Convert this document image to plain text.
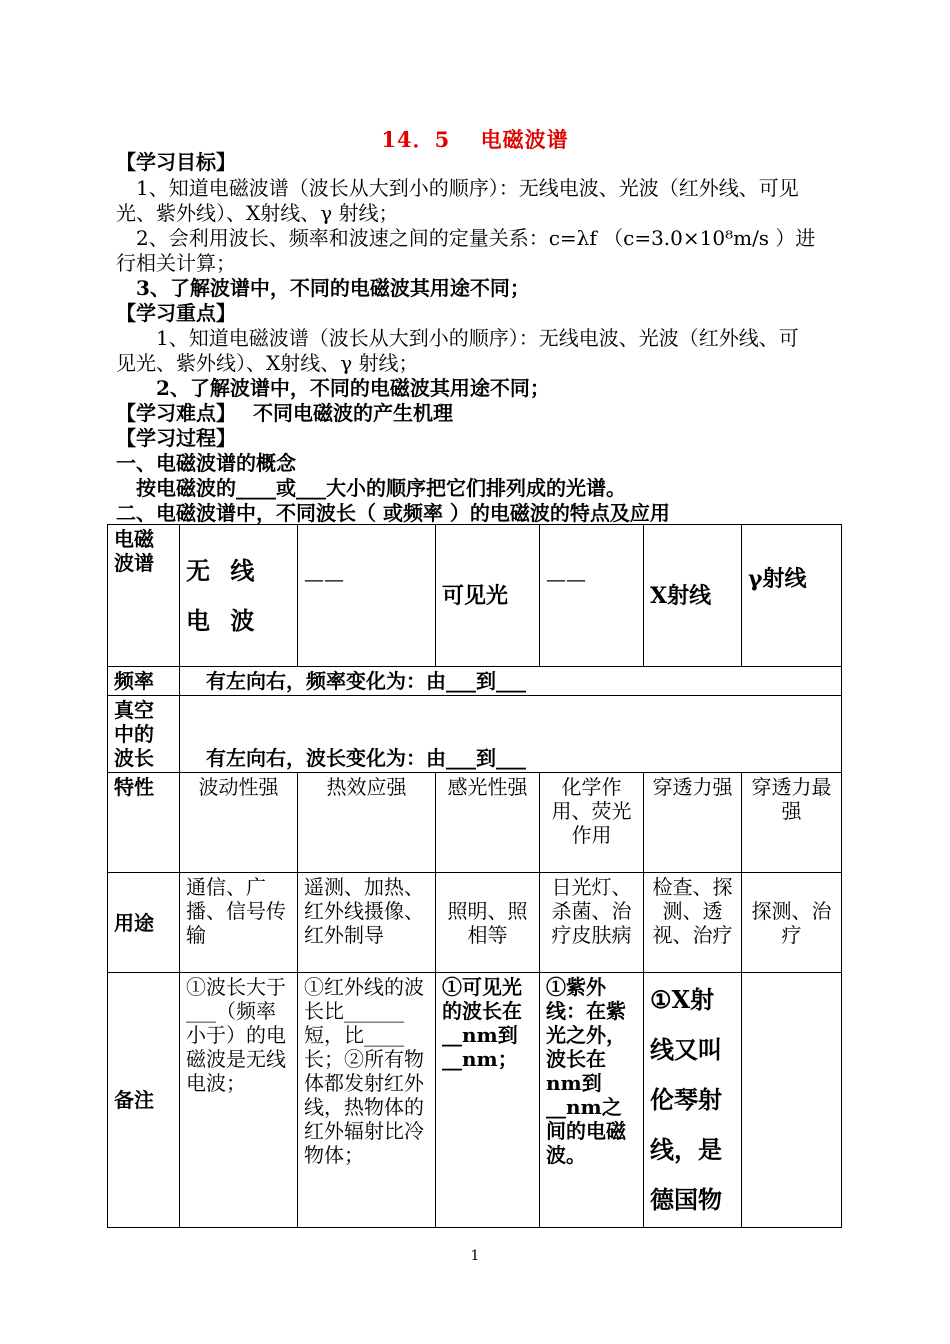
14．5　 电磁波谱
【学习目标】
　1、知道电磁波谱（波长从大到小的顺序）：无线电波、光波（红外线、可见
光、紫外线）、X射线、γ 射线；
　2、会利用波长、频率和波速之间的定量关系：c=λf （c=3.0×10⁸m/s ）进
行相关计算；
　3、了解波谱中，不同的电磁波其用途不同；
【学习重点】
　　1、知道电磁波谱（波长从大到小的顺序）：无线电波、光波（红外线、可
见光、紫外线）、X射线、γ 射线；
　　2、了解波谱中，不同的电磁波其用途不同；
【学习难点】　 不同电磁波的产生机理
【学习过程】
一、电磁波谱的概念
　按电磁波的____或___大小的顺序把它们排列成的光谱。
二、电磁波谱中，不同波长（ 或频率 ）的电磁波的特点及应用
电磁波谱	无 线 电 波	——	可见光	——	X射线	γ射线
频率	　有左向右，频率变化为：由___到___					
真空中的波长	　有左向右，波长变化为：由___到___					
特性	波动性强	热效应强	感光性强	化学作用、荧光作用	穿透力强	穿透力最强
用途	通信、广播、信号传输	遥测、加热、红外线摄像、红外制导	照明、照相等	日光灯、杀菌、治疗皮肤病	检查、探测、透视、治疗	探测、治疗
备注	①波长大于___（频率小于）的电磁波是无线电波；	①红外线的波长比______短，比____长；②所有物体都发射红外线，热物体的红外辐射比冷物体；	①可见光的波长在__nm到__nm；	①紫外线：在紫光之外，波长在nm到__nm之间的电磁波。	①X射线又叫伦琴射线，是德国物	
1
